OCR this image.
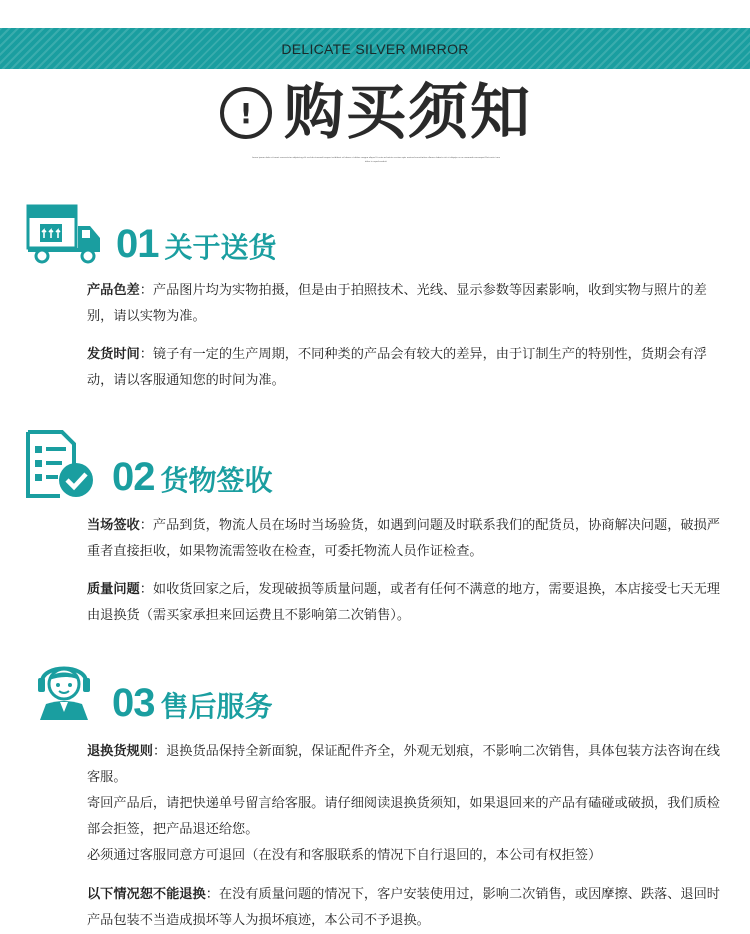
DELICATE SILVER MIRROR
! 购买须知
Lorem ipsum dolor sit amet consectetur adipiscing elit sed do eiusmod tempor incididunt ut labore et dolore magna aliqua Ut enim ad minim veniam quis nostrud exercitation ullamco laboris nisi ut aliquip ex ea commodo consequat Duis aute irure dolor in reprehenderit
01 关于送货
产品色差：产品图片均为实物拍摄，但是由于拍照技术、光线、显示参数等因素影响，收到实物与照片的差别，请以实物为准。
发货时间：镜子有一定的生产周期，不同种类的产品会有较大的差异，由于订制生产的特别性，货期会有浮动，请以客服通知您的时间为准。
02 货物签收
当场签收：产品到货，物流人员在场时当场验货，如遇到问题及时联系我们的配货员，协商解决问题，破损严重者直接拒收，如果物流需签收在检查，可委托物流人员作证检查。
质量问题：如收货回家之后，发现破损等质量问题，或者有任何不满意的地方，需要退换，本店接受七天无理由退换货（需买家承担来回运费且不影响第二次销售）。
03 售后服务
退换货规则：退换货品保持全新面貌，保证配件齐全，外观无划痕，不影响二次销售，具体包装方法咨询在线客服。
寄回产品后，请把快递单号留言给客服。请仔细阅读退换货须知，如果退回来的产品有磕碰或破损，我们质检部会拒签，把产品退还给您。
必须通过客服同意方可退回（在没有和客服联系的情况下自行退回的，本公司有权拒签）
以下情况恕不能退换：在没有质量问题的情况下，客户安装使用过，影响二次销售，或因摩擦、跌落、退回时产品包装不当造成损坏等人为损坏痕迹，本公司不予退换。
